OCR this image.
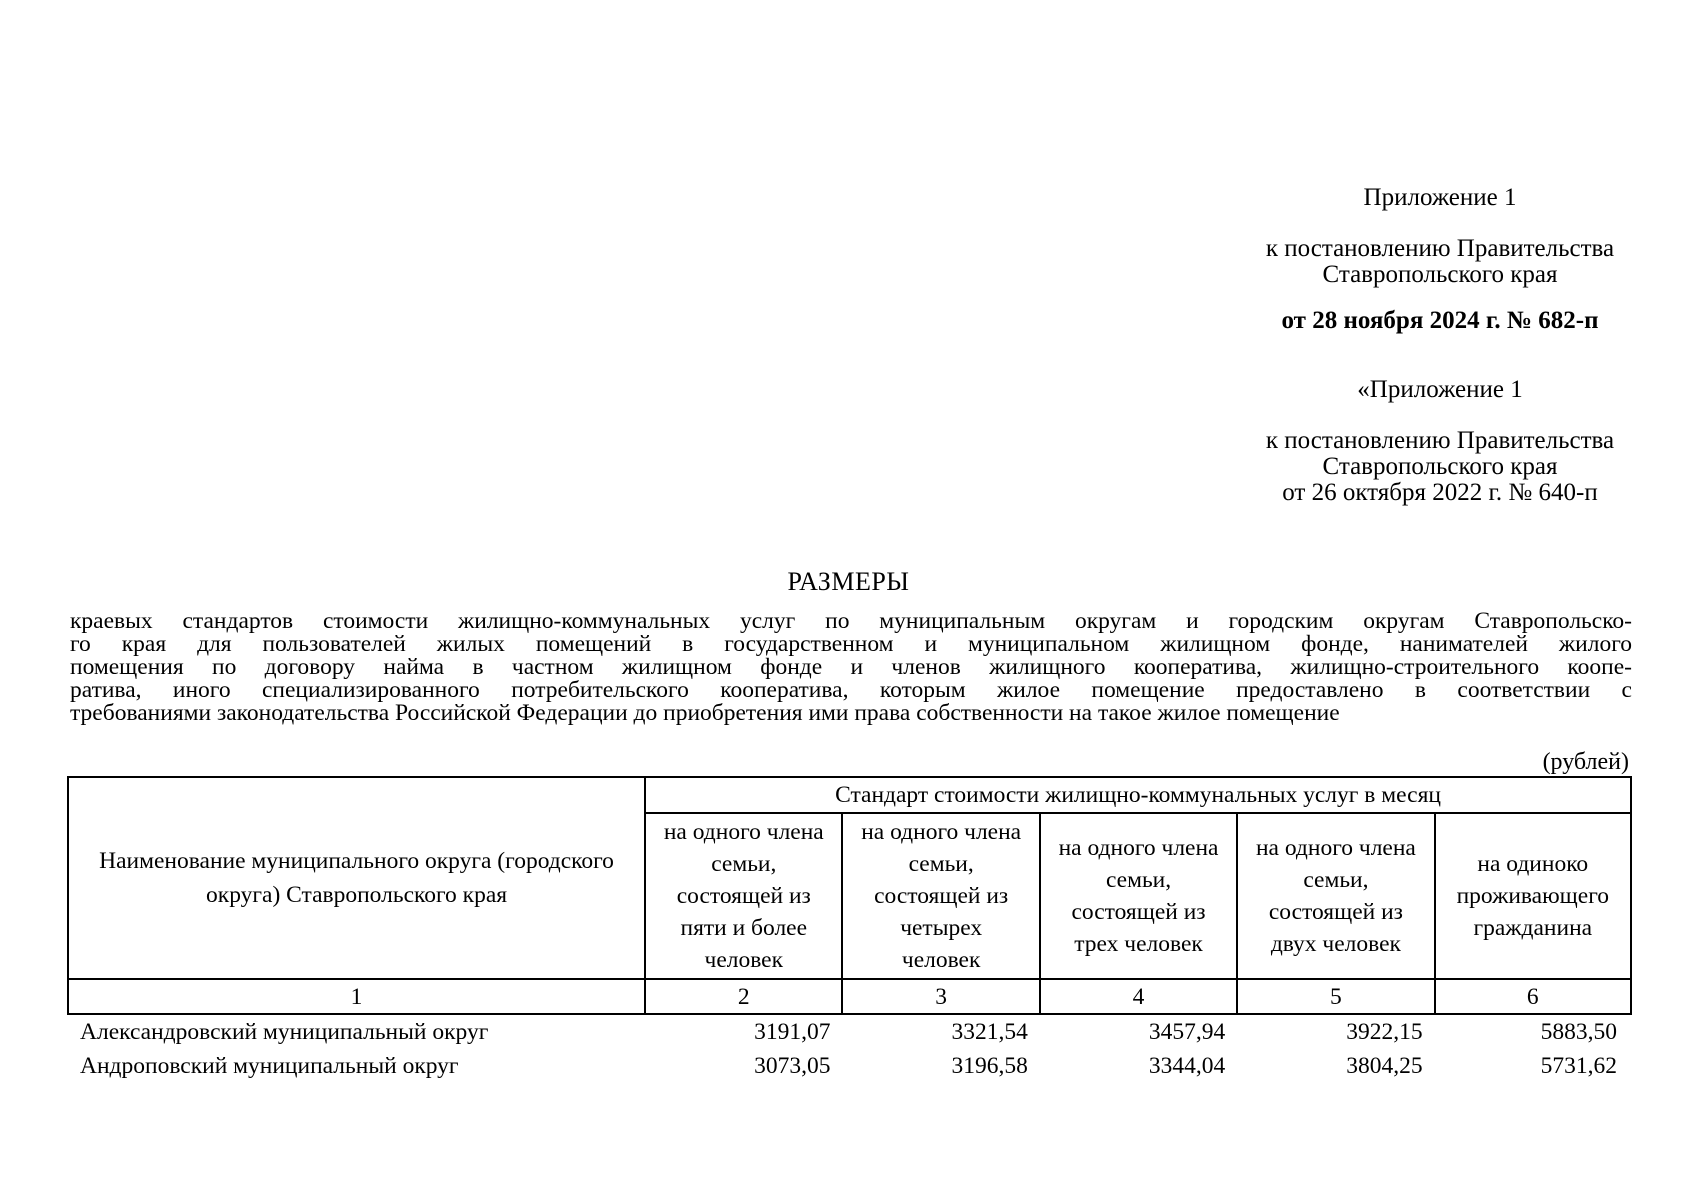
Приложение 1
к постановлению Правительства
Ставропольского края
от 28 ноября 2024 г. № 682-п
«Приложение 1
к постановлению Правительства
Ставропольского края
от 26 октября 2022 г. № 640-п
РАЗМЕРЫ
краевых стандартов стоимости жилищно-коммунальных услуг по муниципальным округам и городским округам Ставропольско-
го края для пользователей жилых помещений в государственном и муниципальном жилищном фонде, нанимателей жилого
помещения по договору найма в частном жилищном фонде и членов жилищного кооператива, жилищно-строительного коопе-
ратива, иного специализированного потребительского кооператива, которым жилое помещение предоставлено в соответствии с
требованиями законодательства Российской Федерации до приобретения ими права собственности на такое жилое помещение
(рублей)
Наименование муниципального округа (городского округа) Ставропольского края	Стандарт стоимости жилищно-коммунальных услуг в месяц				
	на одного члена семьи, состоящей из пяти и более человек	на одного члена семьи, состоящей из четырех человек	на одного члена семьи, состоящей из трех человек	на одного члена семьи, состоящей из двух человек	на одиноко проживающего гражданина
1	2	3	4	5	6
Александровский муниципальный округ	3191,07	3321,54	3457,94	3922,15	5883,50
Андроповский муниципальный округ	3073,05	3196,58	3344,04	3804,25	5731,62
